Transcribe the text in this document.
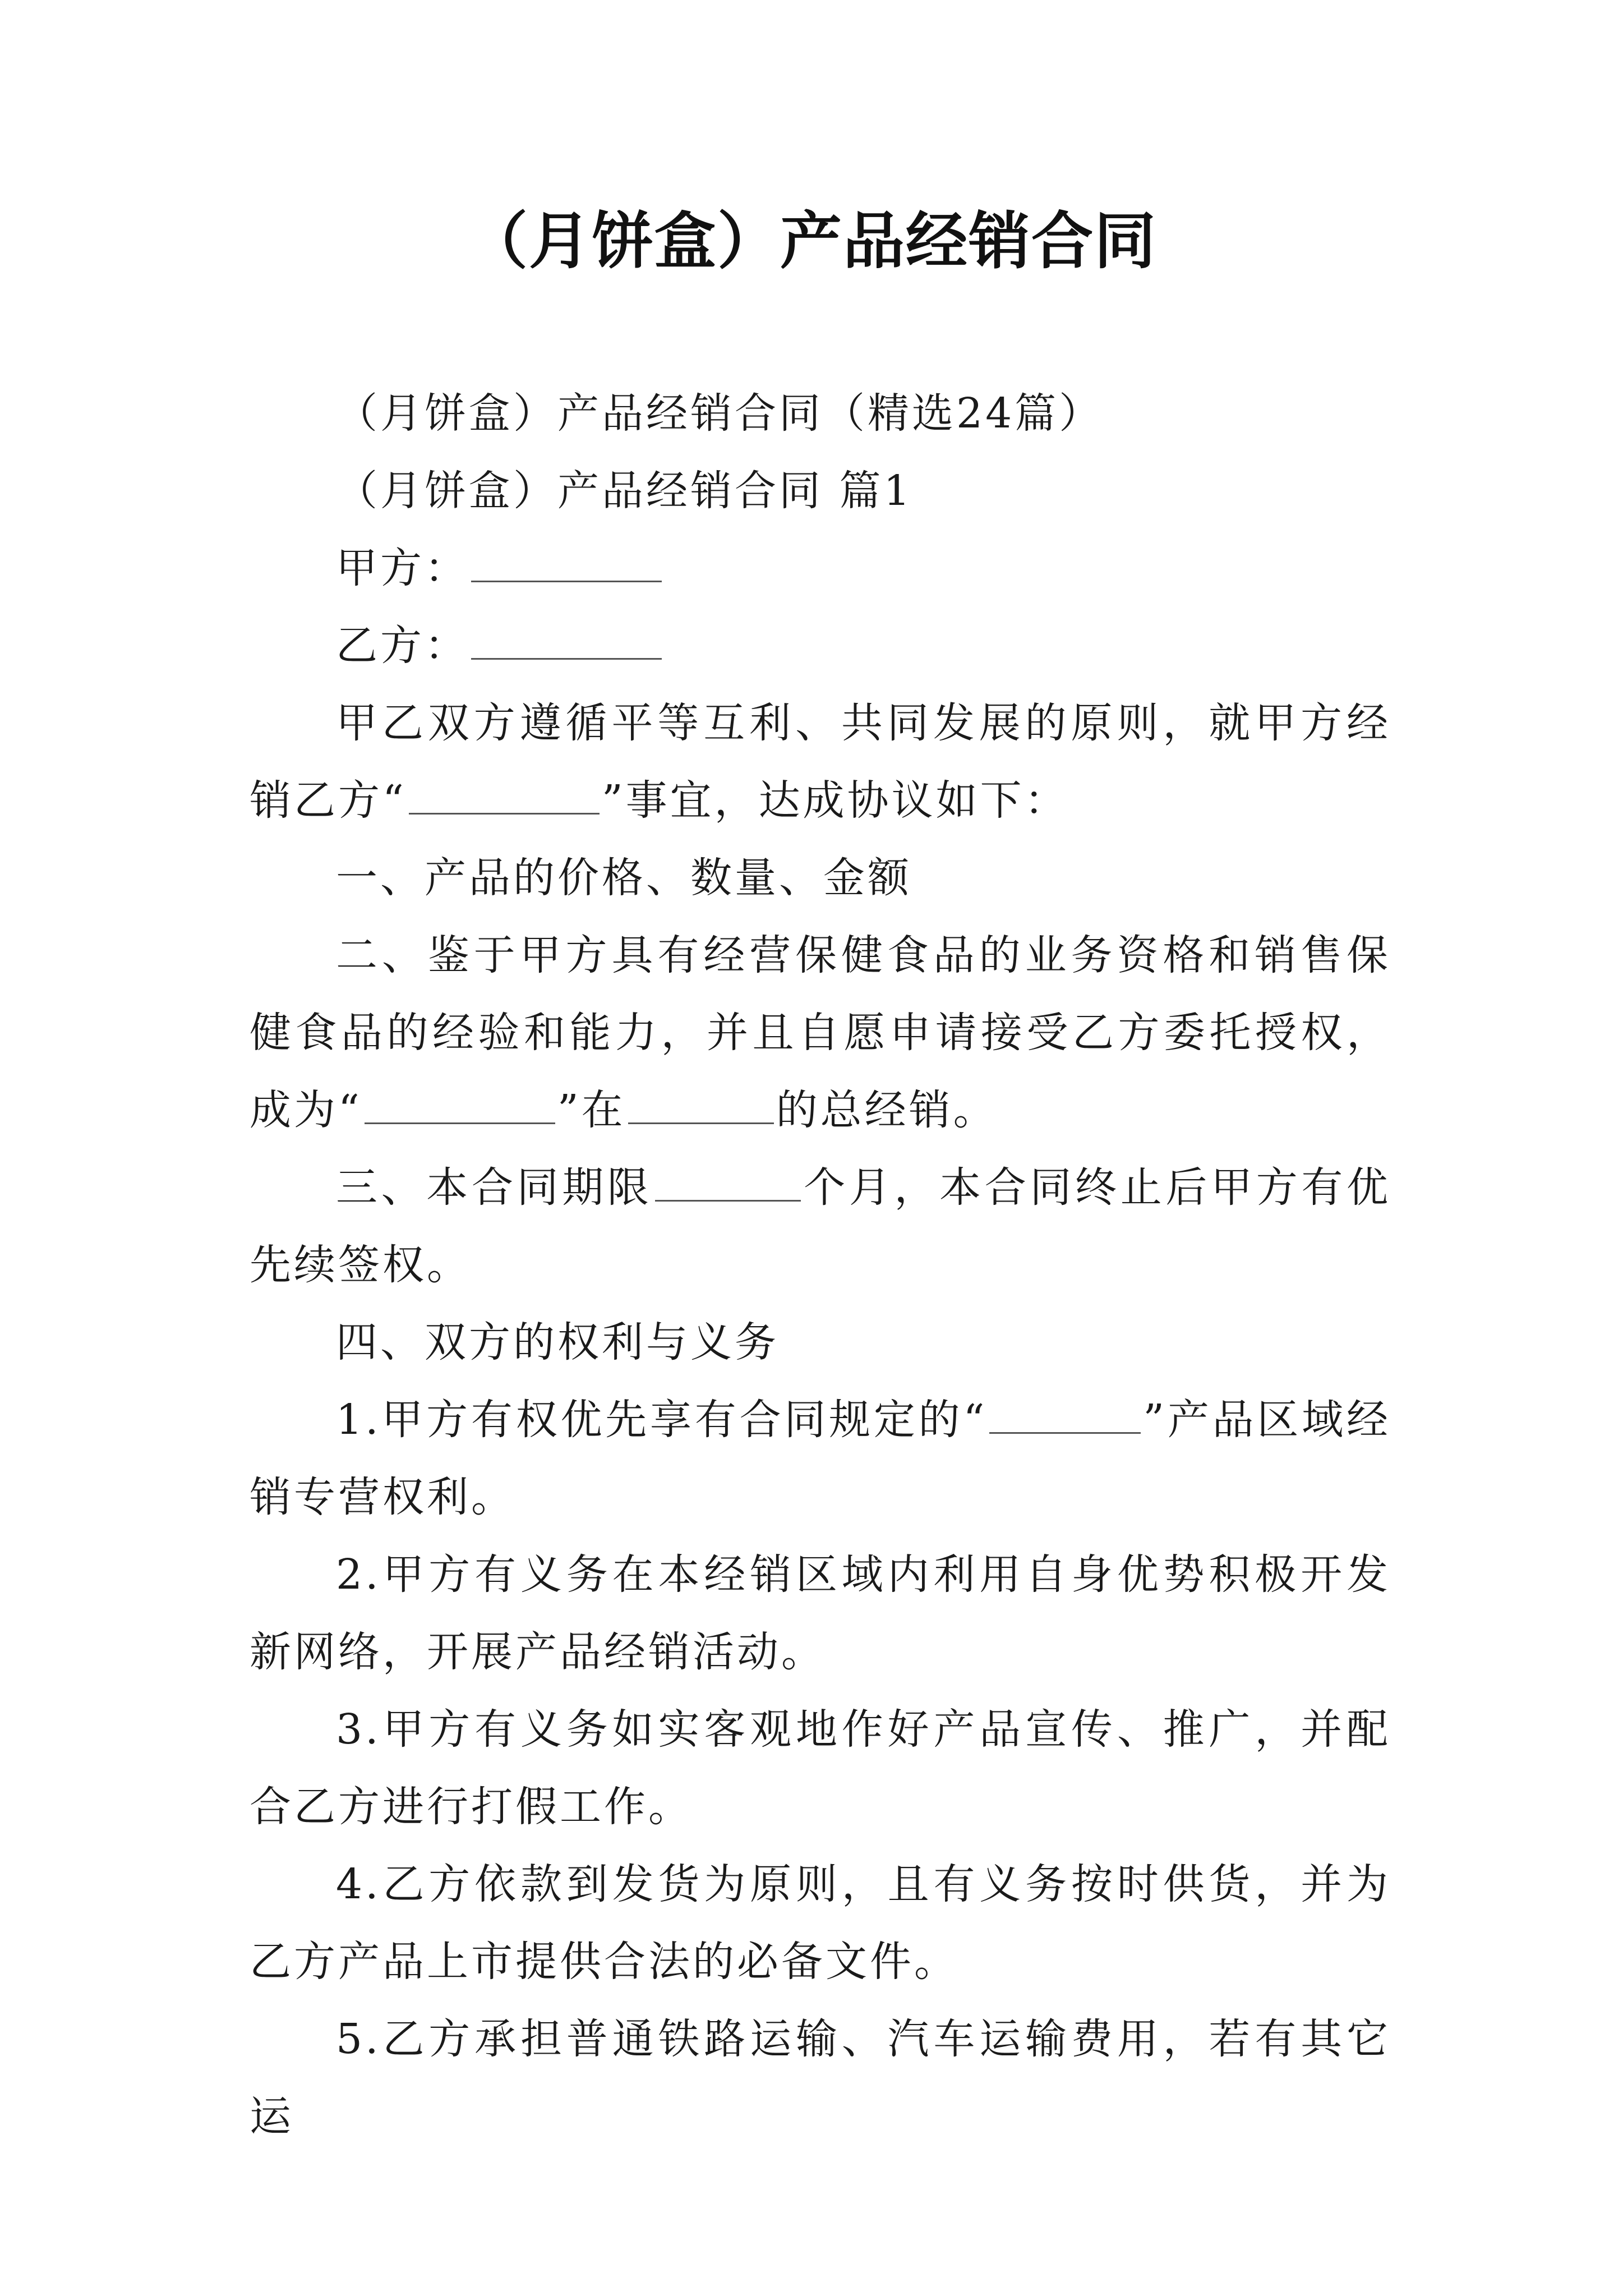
（月饼盒）产品经销合同

（月饼盒）产品经销合同（精选24篇）

（月饼盒）产品经销合同 篇1

甲方：

乙方：

甲乙双方遵循平等互利、共同发展的原则，就甲方经销乙方“	”事宜，达成协议如下：

一、产品的价格、数量、金额

二、鉴于甲方具有经营保健食品的业务资格和销售保健食品的经验和能力，并且自愿申请接受乙方委托授权，成为“	”在	的总经销。

三、本合同期限	个月，本合同终止后甲方有优先续签权。

四、双方的权利与义务

1.甲方有权优先享有合同规定的“	”产品区域经销专营权利。

2.甲方有义务在本经销区域内利用自身优势积极开发新网络，开展产品经销活动。

3.甲方有义务如实客观地作好产品宣传、推广，并配合乙方进行打假工作。

4.乙方依款到发货为原则，且有义务按时供货，并为乙方产品上市提供合法的必备文件。

5.乙方承担普通铁路运输、汽车运输费用，若有其它运
